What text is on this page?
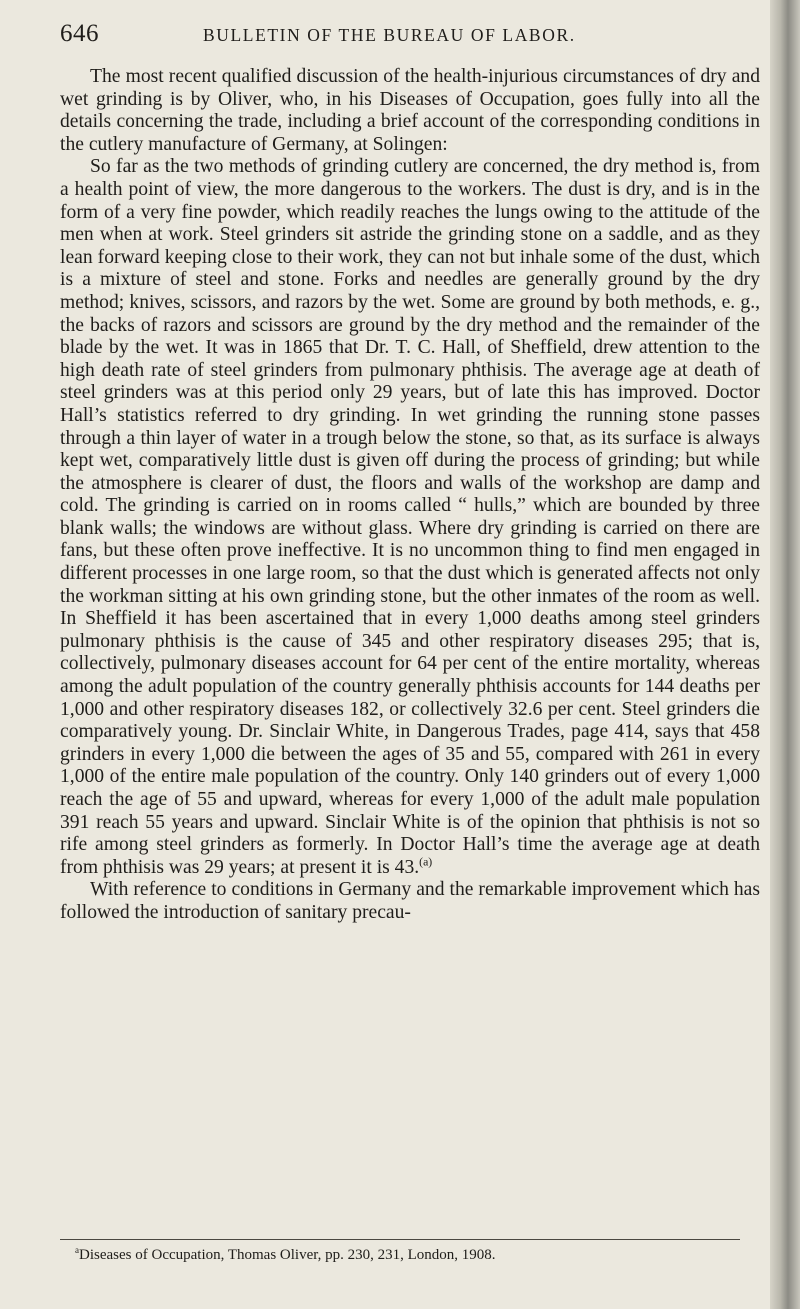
646	BULLETIN OF THE BUREAU OF LABOR.

The most recent qualified discussion of the health-injurious circumstances of dry and wet grinding is by Oliver, who, in his Diseases of Occupation, goes fully into all the details concerning the trade, including a brief account of the corresponding conditions in the cutlery manufacture of Germany, at Solingen:

So far as the two methods of grinding cutlery are concerned, the dry method is, from a health point of view, the more dangerous to the workers. The dust is dry, and is in the form of a very fine powder, which readily reaches the lungs owing to the attitude of the men when at work. Steel grinders sit astride the grinding stone on a saddle, and as they lean forward keeping close to their work, they can not but inhale some of the dust, which is a mixture of steel and stone. Forks and needles are generally ground by the dry method; knives, scissors, and razors by the wet. Some are ground by both methods, e. g., the backs of razors and scissors are ground by the dry method and the remainder of the blade by the wet. It was in 1865 that Dr. T. C. Hall, of Sheffield, drew attention to the high death rate of steel grinders from pulmonary phthisis. The average age at death of steel grinders was at this period only 29 years, but of late this has improved. Doctor Hall’s statistics referred to dry grinding. In wet grinding the running stone passes through a thin layer of water in a trough below the stone, so that, as its surface is always kept wet, comparatively little dust is given off during the process of grinding; but while the atmosphere is clearer of dust, the floors and walls of the workshop are damp and cold. The grinding is carried on in rooms called “ hulls,” which are bounded by three blank walls; the windows are without glass. Where dry grinding is carried on there are fans, but these often prove ineffective. It is no uncommon thing to find men engaged in different processes in one large room, so that the dust which is generated affects not only the workman sitting at his own grinding stone, but the other inmates of the room as well. In Sheffield it has been ascertained that in every 1,000 deaths among steel grinders pulmonary phthisis is the cause of 345 and other respiratory diseases 295; that is, collectively, pulmonary diseases account for 64 per cent of the entire mortality, whereas among the adult population of the country generally phthisis accounts for 144 deaths per 1,000 and other respiratory diseases 182, or collectively 32.6 per cent. Steel grinders die comparatively young. Dr. Sinclair White, in Dangerous Trades, page 414, says that 458 grinders in every 1,000 die between the ages of 35 and 55, compared with 261 in every 1,000 of the entire male population of the country. Only 140 grinders out of every 1,000 reach the age of 55 and upward, whereas for every 1,000 of the adult male population 391 reach 55 years and upward. Sinclair White is of the opinion that phthisis is not so rife among steel grinders as formerly. In Doctor Hall’s time the average age at death from phthisis was 29 years; at present it is 43.$^{(a)}$

With reference to conditions in Germany and the remarkable improvement which has followed the introduction of sanitary precau-

$^a$Diseases of Occupation, Thomas Oliver, pp. 230, 231, London, 1908.
